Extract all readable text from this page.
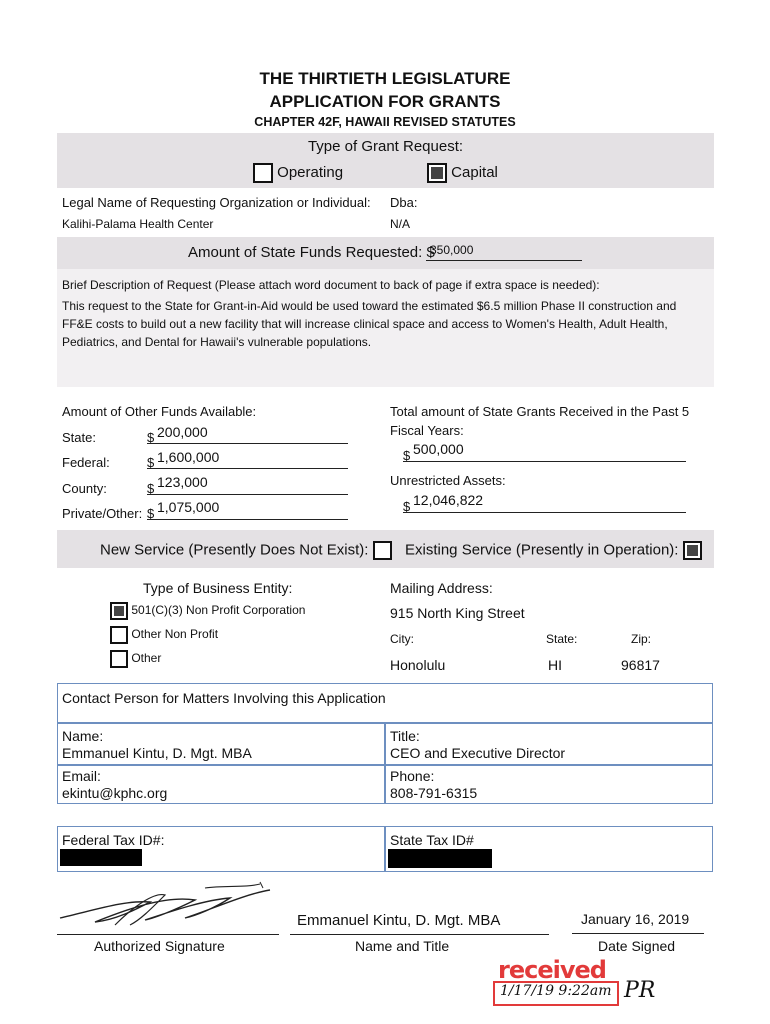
THE THIRTIETH LEGISLATURE
APPLICATION FOR GRANTS
CHAPTER 42F, HAWAII REVISED STATUTES
Type of Grant Request:
Operating	Capital
Legal Name of Requesting Organization or Individual: Dba:
Kalihi-Palama Health Center	N/A
Amount of State Funds Requested: $
350,000
Brief Description of Request (Please attach word document to back of page if extra space is needed):
This request to the State for Grant-in-Aid would be used toward the estimated $6.5 million Phase II construction and
FF&E costs to build out a new facility that will increase clinical space and access to Women's Health, Adult Health,
Pediatrics, and Dental for Hawaii's vulnerable populations.
Amount of Other Funds Available:
State:	$ 200,000
Federal:	$ 1,600,000
County:	$ 123,000
Private/Other: $ 1,075,000
Total amount of State Grants Received in the Past 5
Fiscal Years:
$ 500,000
Unrestricted Assets:
$ 12,046,822
New Service (Presently Does Not Exist):	Existing Service (Presently in Operation):
Type of Business Entity:
501(C)(3) Non Profit Corporation
Other Non Profit
Other
Mailing Address:
915 North King Street
City:	State:	Zip:
Honolulu	HI	96817
Contact Person for Matters Involving this Application
Name:
Emmanuel Kintu, D. Mgt. MBA
Title:
CEO and Executive Director
Email:
ekintu@kphc.org
Phone:
808-791-6315
Federal Tax ID#:	State Tax ID#
Authorized Signature
Emmanuel Kintu, D. Mgt. MBA
Name and Title
January 16, 2019
Date Signed
received
1/17/19 9:22am PR
